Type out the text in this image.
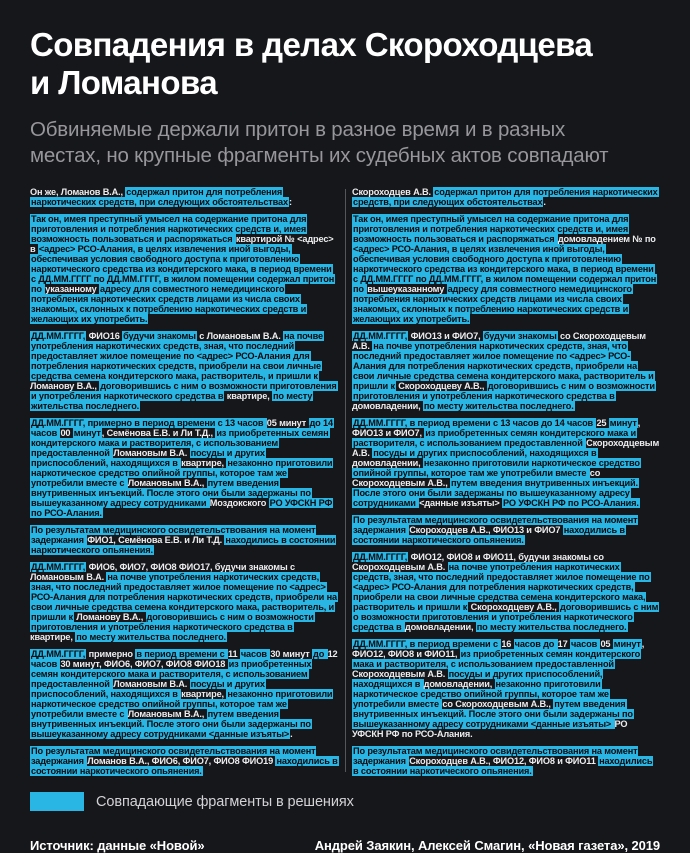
Совпадения в делах Скороходцева
и Ломанова

Обвиняемые держали притон в разное время и в разных
местах, но крупные фрагменты их судебных актов совпадают

Он же, Ломанов В.А., содержал притон для потребления наркотических средств, при следующих обстоятельствах:

Так он, имея преступный умысел на содержание притона для приготовления и потребления наркотических средств и, имея возможность пользоваться и распоряжаться квартирой № <адрес> в <адрес> РСО-Алания, в целях извлечения иной выгоды, обеспечивая условия свободного доступа к приготовлению наркотического средства из кондитерского мака, в период времени с ДД.ММ.ГГГГ по ДД.ММ.ГГГГ, в жилом помещении содержал притон по указанному адресу для совместного немедицинского потребления наркотических средств лицами из числа своих знакомых, склонных к потреблению наркотических средств и желающих их употребить.

ДД.ММ.ГГГГ, ФИО16 будучи знакомы с Ломановым В.А. на почве употребления наркотических средств, зная, что последний предоставляет жилое помещение по <адрес> РСО-Алания для потребления наркотических средств, приобрели на свои личные средства семена кондитерского мака, растворитель, и пришли к Ломанову В.А., договорившись с ним о возможности приготовления и употребления наркотического средства в квартире, по месту жительства последнего.

ДД.ММ.ГГГГ, примерно в период времени с 13 часов 05 минут до 14 часов 00 минут, Семёнова Е.В. и Ли Т.Д., из приобретенных семян кондитерского мака и растворителя, с использованием предоставленной Ломановым В.А. посуды и других приспособлений, находящихся в квартире, незаконно приготовили наркотическое средство опийной группы, которое там же употребили вместе с Ломановым В.А., путем введения внутривенных инъекций. После этого они были задержаны по вышеуказанному адресу сотрудниками Моздокского РО УФСКН РФ по РСО-Алания.

По результатам медицинского освидетельствования на момент задержания ФИО1, Семёнова Е.В. и Ли Т.Д. находились в состоянии наркотического опьянения.

ДД.ММ.ГГГГ, ФИО6, ФИО7, ФИО8 ФИО17, будучи знакомы с Ломановым В.А. на почве употребления наркотических средств, зная, что последний предоставляет жилое помещение по <адрес> РСО-Алания для потребления наркотических средств, приобрели на свои личные средства семена кондитерского мака, растворитель, и пришли к Ломанову В.А., договорившись с ним о возможности приготовления и употребления наркотического средства в квартире, по месту жительства последнего.

ДД.ММ.ГГГГ, примерно в период времени с 11 часов 30 минут до 12 часов 30 минут, ФИО6, ФИО7, ФИО8 ФИО18 из приобретенных семян кондитерского мака и растворителя, с использованием предоставленной Ломановым В.А. посуды и других приспособлений, находящихся в квартире, незаконно приготовили наркотическое средство опийной группы, которое там же употребили вместе с Ломановым В.А., путем введения внутривенных инъекций. После этого они были задержаны по вышеуказанному адресу сотрудниками <данные изъяты>.

По результатам медицинского освидетельствования на момент задержания Ломанов В.А., ФИО6, ФИО7, ФИО8 ФИО19 находились в состоянии наркотического опьянения.

Скороходцев А.В. содержал притон для потребления наркотических средств, при следующих обстоятельствах.

Так он, имея преступный умысел на содержание притона для приготовления и потребления наркотических средств и, имея возможность пользоваться и распоряжаться домовладением № по <адрес> РСО-Алания, в целях извлечения иной выгоды, обеспечивая условия свободного доступа к приготовлению наркотического средства из кондитерского мака, в период времени с ДД.ММ.ГГГГ по ДД.ММ.ГГГГ, в жилом помещении содержал притон по вышеуказанному адресу для совместного немедицинского потребления наркотических средств лицами из числа своих знакомых, склонных к потреблению наркотических средств и желающих их употребить.

ДД.ММ.ГГГГ, ФИО13 и ФИО7, будучи знакомы со Скороходцевым А.В. на почве употребления наркотических средств, зная, что последний предоставляет жилое помещение по <адрес> РСО-Алания для потребления наркотических средств, приобрели на свои личные средства семена кондитерского мака, растворитель и пришли к Скороходцеву А.В., договорившись с ним о возможности приготовления и употребления наркотического средства в домовладении, по месту жительства последнего.

ДД.ММ.ГГГГ, в период времени с 13 часов до 14 часов 25 минут, ФИО13 и ФИО7, из приобретенных семян кондитерского мака и растворителя, с использованием предоставленной Скороходцевым А.В. посуды и других приспособлений, находящихся в домовладении, незаконно приготовили наркотическое средство опийной группы, которое там же употребили вместе со Скороходцевым А.В., путем введения внутривенных инъекций. После этого они были задержаны по вышеуказанному адресу сотрудниками <данные изъяты> РО УФСКН РФ по РСО-Алания.

По результатам медицинского освидетельствования на момент задержания Скороходцев А.В., ФИО13 и ФИО7 находились в состоянии наркотического опьянения.

ДД.ММ.ГГГГ, ФИО12, ФИО8 и ФИО11, будучи знакомы со Скороходцевым А.В. на почве употребления наркотических средств, зная, что последний предоставляет жилое помещение по <адрес> РСО-Алания для потребления наркотических средств, приобрели на свои личные средства семена кондитерского мака, растворитель и пришли к Скороходцеву А.В., договорившись с ним о возможности приготовления и употребления наркотического средства в домовладении, по месту жительства последнего.

ДД.ММ.ГГГГ, в период времени с 16 часов до 17 часов 05 минут, ФИО12, ФИО8 и ФИО11, из приобретенных семян кондитерского мака и растворителя, с использованием предоставленной Скороходцевым А.В. посуды и других приспособлений, находящихся в домовладении, незаконно приготовили наркотическое средство опийной группы, которое там же употребили вместе со Скороходцевым А.В., путем введения внутривенных инъекций. После этого они были задержаны по вышеуказанному адресу сотрудниками <данные изъяты> РО УФСКН РФ по РСО-Алания.

По результатам медицинского освидетельствования на момент задержания Скороходцев А.В., ФИО12, ФИО8 и ФИО11 находились в состоянии наркотического опьянения.

Совпадающие фрагменты в решениях
Источник: данные «Новой»	Андрей Заякин, Алексей Смагин, «Новая газета», 2019
